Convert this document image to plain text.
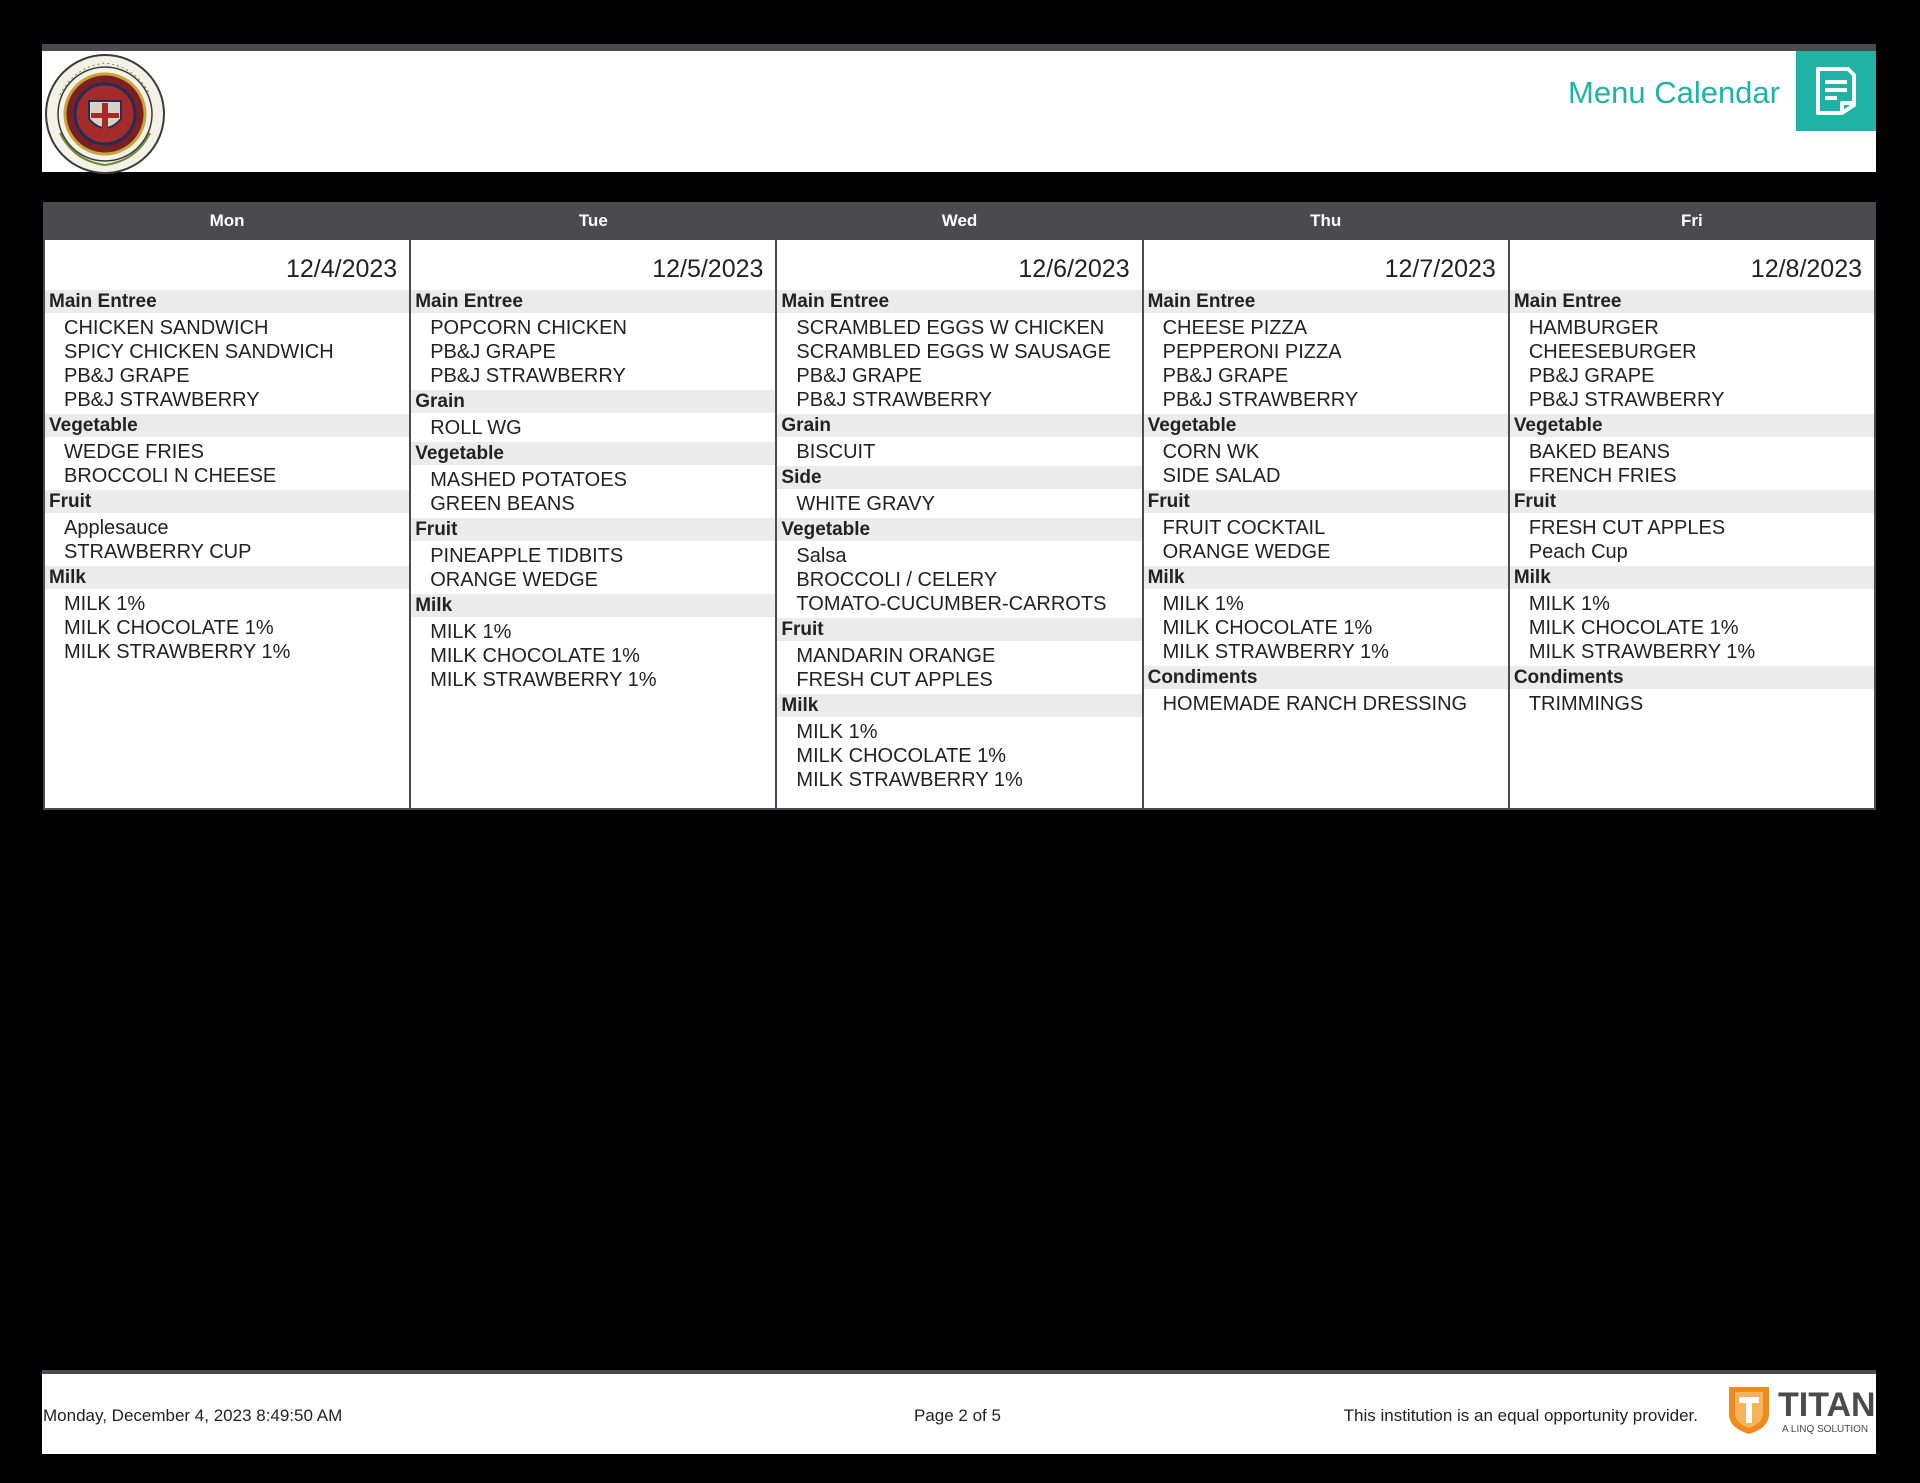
Menu Calendar
Mon
12/4/2023
Main Entree
CHICKEN SANDWICH
SPICY CHICKEN SANDWICH
PB&J GRAPE
PB&J STRAWBERRY
Vegetable
WEDGE FRIES
BROCCOLI N CHEESE
Fruit
Applesauce
STRAWBERRY CUP
Milk
MILK 1%
MILK CHOCOLATE 1%
MILK STRAWBERRY 1%
Tue
12/5/2023
Main Entree
POPCORN CHICKEN
PB&J GRAPE
PB&J STRAWBERRY
Grain
ROLL WG
Vegetable
MASHED POTATOES
GREEN BEANS
Fruit
PINEAPPLE TIDBITS
ORANGE WEDGE
Milk
MILK 1%
MILK CHOCOLATE 1%
MILK STRAWBERRY 1%
Wed
12/6/2023
Main Entree
SCRAMBLED EGGS W CHICKEN
SCRAMBLED EGGS W SAUSAGE
PB&J GRAPE
PB&J STRAWBERRY
Grain
BISCUIT
Side
WHITE GRAVY
Vegetable
Salsa
BROCCOLI / CELERY
TOMATO-CUCUMBER-CARROTS
Fruit
MANDARIN ORANGE
FRESH CUT APPLES
Milk
MILK 1%
MILK CHOCOLATE 1%
MILK STRAWBERRY 1%
Thu
12/7/2023
Main Entree
CHEESE PIZZA
PEPPERONI PIZZA
PB&J GRAPE
PB&J STRAWBERRY
Vegetable
CORN WK
SIDE SALAD
Fruit
FRUIT COCKTAIL
ORANGE WEDGE
Milk
MILK 1%
MILK CHOCOLATE 1%
MILK STRAWBERRY 1%
Condiments
HOMEMADE RANCH DRESSING
Fri
12/8/2023
Main Entree
HAMBURGER
CHEESEBURGER
PB&J GRAPE
PB&J STRAWBERRY
Vegetable
BAKED BEANS
FRENCH FRIES
Fruit
FRESH CUT APPLES
Peach Cup
Milk
MILK 1%
MILK CHOCOLATE 1%
MILK STRAWBERRY 1%
Condiments
TRIMMINGS
Monday, December 4, 2023 8:49:50 AM	Page 2 of 5	This institution is an equal opportunity provider. TITAN
A LINQ SOLUTION
